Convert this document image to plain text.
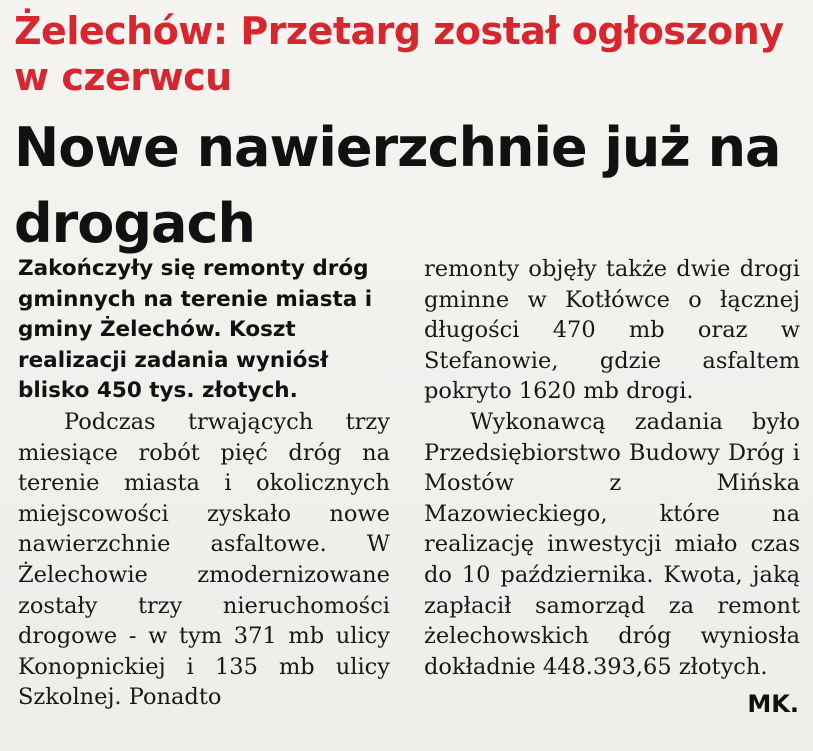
Żelechów: Przetarg został ogłoszony w czerwcu
Nowe nawierzchnie już na drogach

Zakończyły się remonty dróg gminnych na terenie miasta i gminy Żelechów. Koszt realizacji zadania wyniósł blisko 450 tys. złotych.

Podczas trwających trzy miesiące robót pięć dróg na terenie miasta i okolicznych miejscowości zyskało nowe nawierzchnie asfaltowe. W Żelechowie zmodernizowane zostały trzy nieruchomości drogowe - w tym 371 mb ulicy Konopnickiej i 135 mb ulicy Szkolnej. Ponadto

remonty objęły także dwie drogi gminne w Kotłówce o łącznej długości 470 mb oraz w Stefanowie, gdzie asfaltem pokryto 1620 mb drogi.

Wykonawcą zadania było Przedsiębiorstwo Budowy Dróg i Mostów z Mińska Mazowieckiego, które na realizację inwestycji miało czas do 10 października. Kwota, jaką zapłacił samorząd za remont żelechowskich dróg wyniosła dokładnie 448.393,65 złotych.

MK.
